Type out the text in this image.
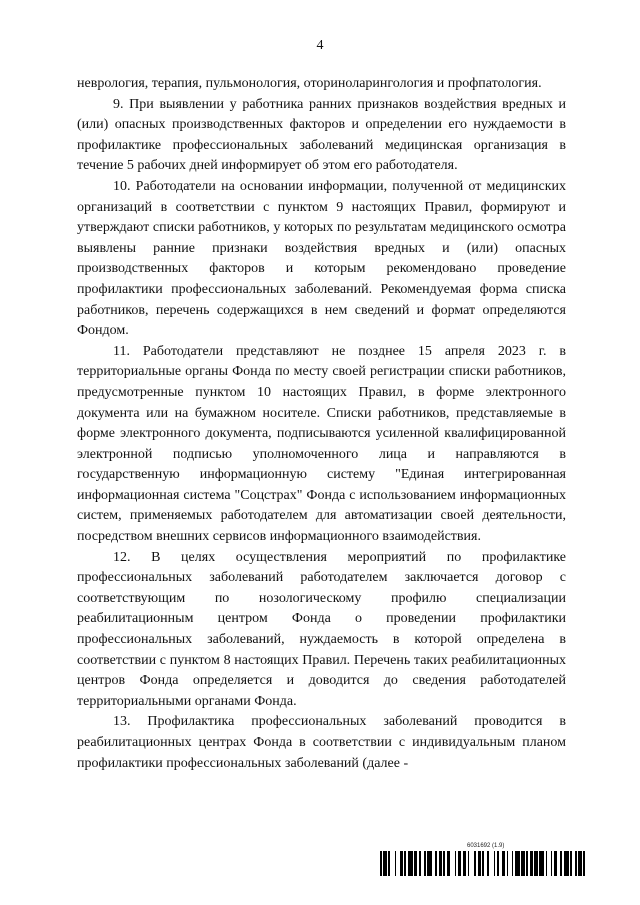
4

неврология, терапия, пульмонология, оториноларингология и профпатология.

9. При выявлении у работника ранних признаков воздействия вредных и (или) опасных производственных факторов и определении его нуждаемости в профилактике профессиональных заболеваний медицинская организация в течение 5 рабочих дней информирует об этом его работодателя.

10. Работодатели на основании информации, полученной от медицинских организаций в соответствии с пунктом 9 настоящих Правил, формируют и утверждают списки работников, у которых по результатам медицинского осмотра выявлены ранние признаки воздействия вредных и (или) опасных производственных факторов и которым рекомендовано проведение профилактики профессиональных заболеваний. Рекомендуемая форма списка работников, перечень содержащихся в нем сведений и формат определяются Фондом.

11. Работодатели представляют не позднее 15 апреля 2023 г. в территориальные органы Фонда по месту своей регистрации списки работников, предусмотренные пунктом 10 настоящих Правил, в форме электронного документа или на бумажном носителе. Списки работников, представляемые в форме электронного документа, подписываются усиленной квалифицированной электронной подписью уполномоченного лица и направляются в государственную информационную систему "Единая интегрированная информационная система "Соцстрах" Фонда с использованием информационных систем, применяемых работодателем для автоматизации своей деятельности, посредством внешних сервисов информационного взаимодействия.

12. В целях осуществления мероприятий по профилактике профессиональных заболеваний работодателем заключается договор с соответствующим по нозологическому профилю специализации реабилитационным центром Фонда о проведении профилактики профессиональных заболеваний, нуждаемость в которой определена в соответствии с пунктом 8 настоящих Правил. Перечень таких реабилитационных центров Фонда определяется и доводится до сведения работодателей территориальными органами Фонда.

13. Профилактика профессиональных заболеваний проводится в реабилитационных центрах Фонда в соответствии с индивидуальным планом профилактики профессиональных заболеваний (далее -

6031692 (1.9)
